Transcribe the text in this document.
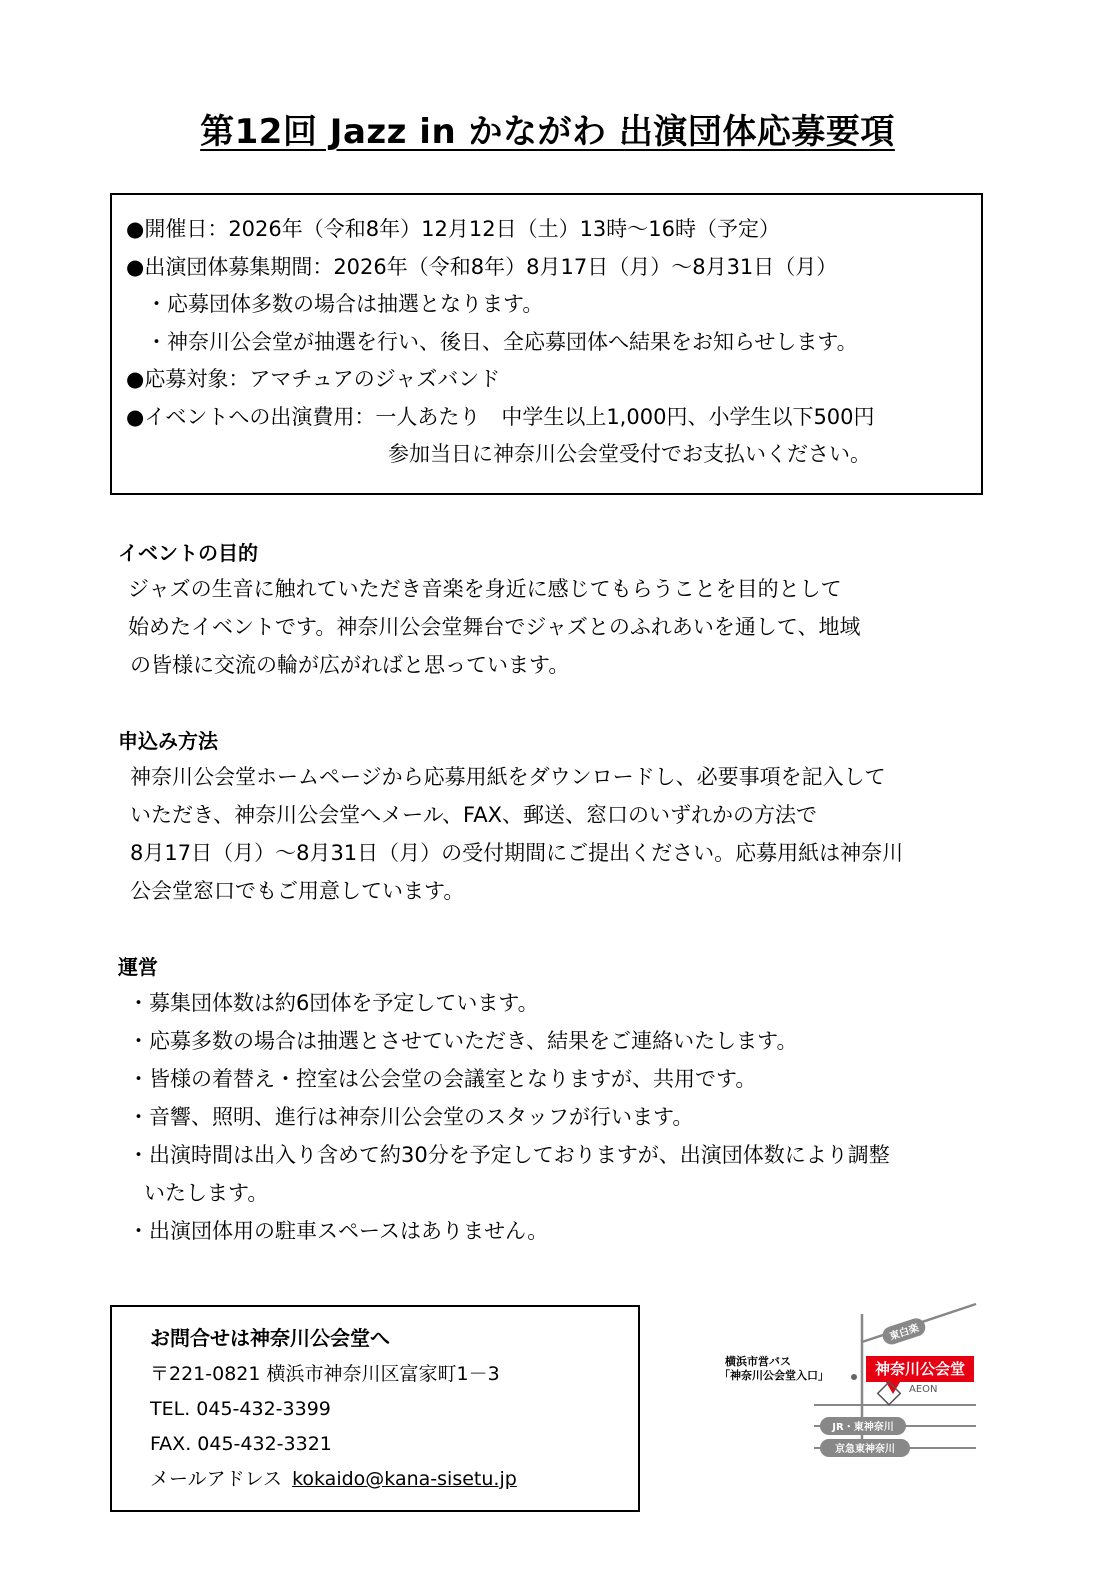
第12回 Jazz in かながわ 出演団体応募要項
●開催日：2026年（令和8年）12月12日（土）13時～16時（予定）
●出演団体募集期間：2026年（令和8年）8月17日（月）～8月31日（月）
・応募団体多数の場合は抽選となります。
・神奈川公会堂が抽選を行い、後日、全応募団体へ結果をお知らせします。
●応募対象：アマチュアのジャズバンド
●イベントへの出演費用：一人あたり　中学生以上1,000円、小学生以下500円
参加当日に神奈川公会堂受付でお支払いください。
イベントの目的

ジャズの生音に触れていただき音楽を身近に感じてもらうことを目的として

始めたイベントです。神奈川公会堂舞台でジャズとのふれあいを通して、地域

の皆様に交流の輪が広がればと思っています。

申込み方法

神奈川公会堂ホームページから応募用紙をダウンロードし、必要事項を記入して

いただき、神奈川公会堂へメール、FAX、郵送、窓口のいずれかの方法で

8月17日（月）～8月31日（月）の受付期間にご提出ください。応募用紙は神奈川

公会堂窓口でもご用意しています。

運営

・募集団体数は約6団体を予定しています。

・応募多数の場合は抽選とさせていただき、結果をご連絡いたします。

・皆様の着替え・控室は公会堂の会議室となりますが、共用です。

・音響、照明、進行は神奈川公会堂のスタッフが行います。

・出演時間は出入り含めて約30分を予定しておりますが、出演団体数により調整

いたします。

・出演団体用の駐車スペースはありません。

お問合せは神奈川公会堂へ
〒221-0821 横浜市神奈川区富家町1－3
TEL. 045-432-3399
FAX. 045-432-3321
メールアドレス kokaido@kana-sisetu.jp
東白楽
神奈川公会堂
AEON
JR・東神奈川
京急東神奈川
横浜市営バス
「神奈川公会堂入口」
